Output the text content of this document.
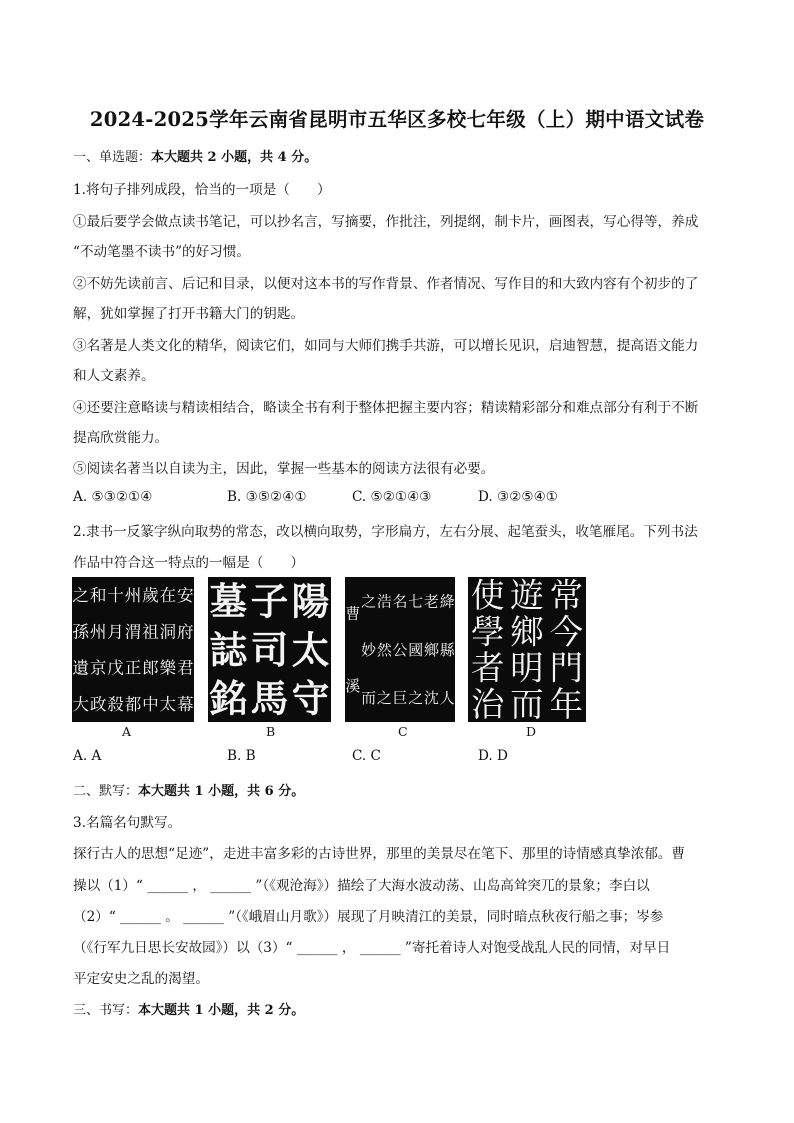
2024-2025学年云南省昆明市五华区多校七年级（上）期中语文试卷
一、单选题：本大题共 2 小题，共 4 分。
1.将句子排列成段，恰当的一项是（　　）
①最后要学会做点读书笔记，可以抄名言，写摘要，作批注，列提纲，制卡片，画图表，写心得等，养成
“不动笔墨不读书”的好习惯。
②不妨先读前言、后记和目录，以便对这本书的写作背景、作者情况、写作目的和大致内容有个初步的了
解，犹如掌握了打开书籍大门的钥匙。
③名著是人类文化的精华，阅读它们，如同与大师们携手共游，可以增长见识，启迪智慧，提高语文能力
和人文素养。
④还要注意略读与精读相结合，略读全书有利于整体把握主要内容；精读精彩部分和难点部分有利于不断
提高欣赏能力。
⑤阅读名著当以自读为主，因此，掌握一些基本的阅读方法很有必要。
A. ⑤③②①④	B. ③⑤②④①	C. ⑤②①④③	D. ③②⑤④①
2.隶书一反篆字纵向取势的常态，改以横向取势，字形扁方，左右分展、起笔蚕头，收笔雁尾。下列书法
作品中符合这一特点的一幅是（　　）
安
府
君
幕
在
洞
樂
太
歲
祖
郎
中
州
渭
正
都
十
月
戊
殺
和
州
京
政
之
孫
遺
大
陽
太
守
子
司
馬
墓
誌
銘
絳
縣
人
老
鄉
沈
七
國
之
名
公
巨
浩
然
之
之
妙
而
曹
溪
常
今
門
年
遊
鄉
明
而
使
學
者
治
A	B	C	D
A. A	B. B	C. C	D. D
二、默写：本大题共 1 小题，共 6 分。
3.名篇名句默写。
探行古人的思想“足迹”，走进丰富多彩的古诗世界，那里的美景尽在笔下、那里的诗情感真挚浓郁。曹
操以（1）“ ______ ， ______ ”（《观沧海》）描绘了大海水波动荡、山岛高耸突兀的景象；李白以
（2）“ ______ 。 ______ ”（《峨眉山月歌》）展现了月映清江的美景，同时暗点秋夜行船之事；岑参
（《行军九日思长安故园》）以（3）“ ______ ， ______ ”寄托着诗人对饱受战乱人民的同情，对早日
平定安史之乱的渴望。
三、书写：本大题共 1 小题，共 2 分。
